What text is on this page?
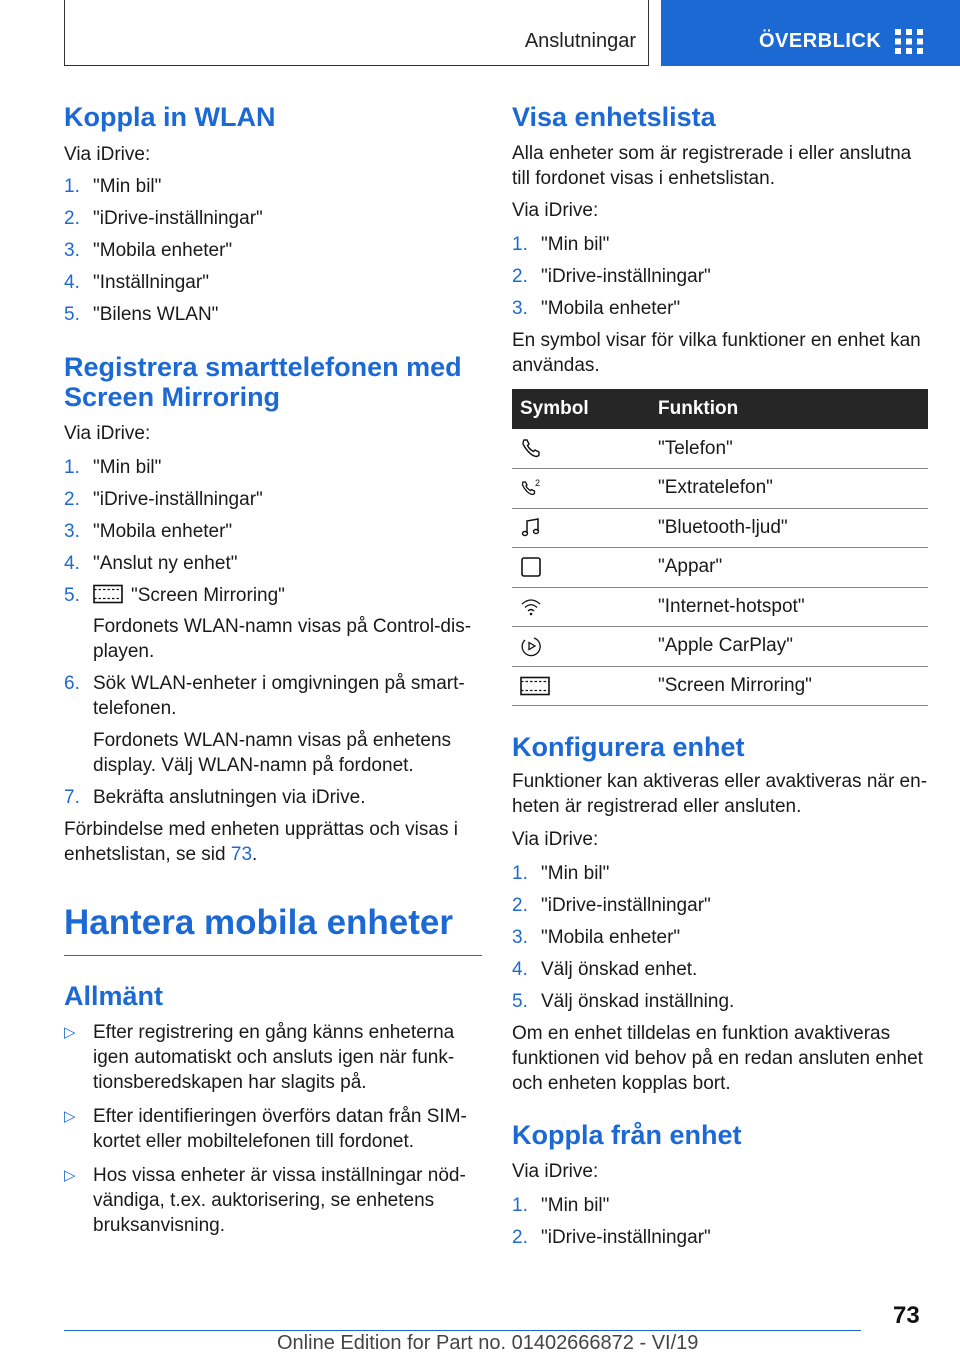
Anslutningar	ÖVERBLICK
Koppla in WLAN
Via iDrive:
1. "Min bil"
2. "iDrive-inställningar"
3. "Mobila enheter"
4. "Inställningar"
5. "Bilens WLAN"
Registrera smarttelefonen med
Screen Mirroring
Via iDrive:
1. "Min bil"
2. "iDrive-inställningar"
3. "Mobila enheter"
4. "Anslut ny enhet"
5.	"Screen Mirroring"
Fordonets WLAN-namn visas på Control-displayen.
6. Sök WLAN-enheter i omgivningen på smarttelefonen.
Fordonets WLAN-namn visas på enhetens display. Välj WLAN-namn på fordonet.
7. Bekräfta anslutningen via iDrive.
Förbindelse med enheten upprättas och visas i enhetslistan, se sid 73.
Hantera mobila enheter
Allmänt
▷ Efter registrering en gång känns enheterna igen automatiskt och ansluts igen när funktionsberedskapen har slagits på.
▷ Efter identifieringen överförs datan från SIM-kortet eller mobiltelefonen till fordonet.
▷ Hos vissa enheter är vissa inställningar nödvändiga, t.ex. auktorisering, se enhetens bruksanvisning.
Visa enhetslista
Alla enheter som är registrerade i eller anslutna till fordonet visas i enhetslistan.
Via iDrive:
1. "Min bil"
2. "iDrive-inställningar"
3. "Mobila enheter"
En symbol visar för vilka funktioner en enhet kan användas.
Symbol	Funktion
	"Telefon"

2	"Extratelefon"
	"Bluetooth-ljud"
	"Appar"
	"Internet-hotspot"
	"Apple CarPlay"
	"Screen Mirroring"
Konfigurera enhet
Funktioner kan aktiveras eller avaktiveras när enheten är registrerad eller ansluten.
Via iDrive:
1. "Min bil"
2. "iDrive-inställningar"
3. "Mobila enheter"
4. Välj önskad enhet.
5. Välj önskad inställning.
Om en enhet tilldelas en funktion avaktiveras funktionen vid behov på en redan ansluten enhet och enheten kopplas bort.
Koppla från enhet
Via iDrive:
1. "Min bil"
2. "iDrive-inställningar"
73
Online Edition for Part no. 01402666872 - VI/19
